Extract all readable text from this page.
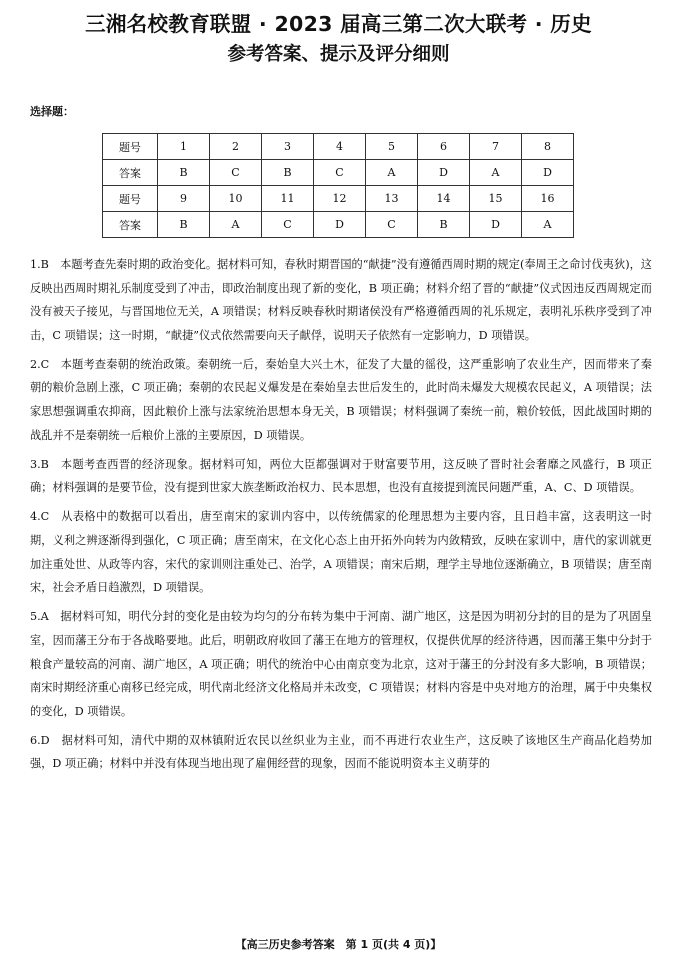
三湘名校教育联盟 · 2023 届高三第二次大联考 · 历史
参考答案、提示及评分细则
选择题：
题号	1	2	3	4	5	6	7	8
答案	B	C	B	C	A	D	A	D
题号	9	10	11	12	13	14	15	16
答案	B	A	C	D	C	B	D	A

1.B　本题考查先秦时期的政治变化。据材料可知，春秋时期晋国的“献捷”没有遵循西周时期的规定(奉周王之命讨伐夷狄)，这反映出西周时期礼乐制度受到了冲击，即政治制度出现了新的变化，B 项正确；材料介绍了晋的“献捷”仪式因违反西周规定而没有被天子接见，与晋国地位无关，A 项错误；材料反映春秋时期诸侯没有严格遵循西周的礼乐规定，表明礼乐秩序受到了冲击，C 项错误；这一时期，“献捷”仪式依然需要向天子献俘，说明天子依然有一定影响力，D 项错误。

2.C　本题考查秦朝的统治政策。秦朝统一后，秦始皇大兴土木，征发了大量的徭役，这严重影响了农业生产，因而带来了秦朝的粮价急剧上涨，C 项正确；秦朝的农民起义爆发是在秦始皇去世后发生的，此时尚未爆发大规模农民起义，A 项错误；法家思想强调重农抑商，因此粮价上涨与法家统治思想本身无关，B 项错误；材料强调了秦统一前，粮价较低，因此战国时期的战乱并不是秦朝统一后粮价上涨的主要原因，D 项错误。

3.B　本题考查西晋的经济现象。据材料可知，两位大臣都强调对于财富要节用，这反映了晋时社会奢靡之风盛行，B 项正确；材料强调的是要节俭，没有提到世家大族垄断政治权力、民本思想，也没有直接提到流民问题严重，A、C、D 项错误。

4.C　从表格中的数据可以看出，唐至南宋的家训内容中，以传统儒家的伦理思想为主要内容，且日趋丰富，这表明这一时期，义利之辨逐渐得到强化，C 项正确；唐至南宋，在文化心态上由开拓外向转为内敛精致，反映在家训中，唐代的家训就更加注重处世、从政等内容，宋代的家训则注重处己、治学，A 项错误；南宋后期，理学主导地位逐渐确立，B 项错误；唐至南宋，社会矛盾日趋激烈，D 项错误。

5.A　据材料可知，明代分封的变化是由较为均匀的分布转为集中于河南、湖广地区，这是因为明初分封的目的是为了巩固皇室，因而藩王分布于各战略要地。此后，明朝政府收回了藩王在地方的管理权，仅提供优厚的经济待遇，因而藩王集中分封于粮食产量较高的河南、湖广地区，A 项正确；明代的统治中心由南京变为北京，这对于藩王的分封没有多大影响，B 项错误；南宋时期经济重心南移已经完成，明代南北经济文化格局并未改变，C 项错误；材料内容是中央对地方的治理，属于中央集权的变化，D 项错误。

6.D　据材料可知，清代中期的双林镇附近农民以丝织业为主业，而不再进行农业生产，这反映了该地区生产商品化趋势加强，D 项正确；材料中并没有体现当地出现了雇佣经营的现象，因而不能说明资本主义萌芽的

【高三历史参考答案　第 1 页(共 4 页)】
